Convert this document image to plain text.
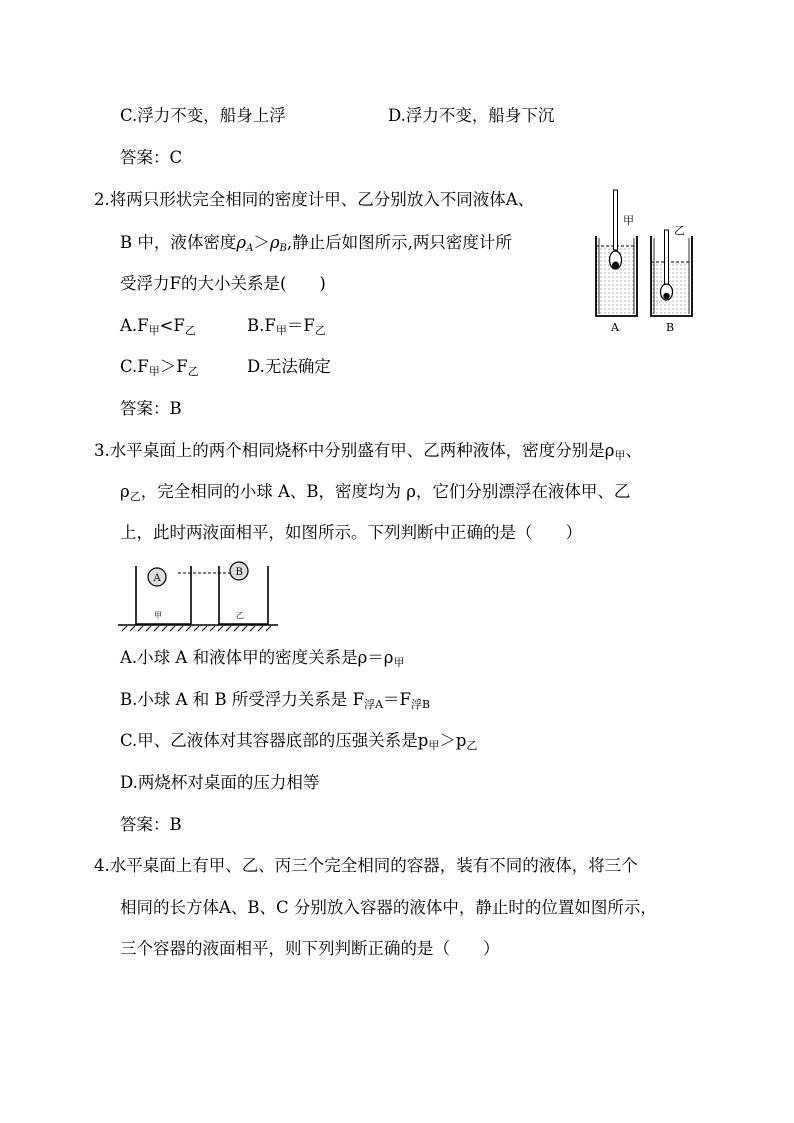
C.浮力不变，船身上浮	D.浮力不变，船身下沉
答案：C
2.将两只形状完全相同的密度计甲、乙分别放入不同液体A、
B 中，液体密度ρA＞ρB,静止后如图所示,两只密度计所
受浮力F的大小关系是(　　)
$A.F_甲<F_乙$	$B.F_甲=F_乙$
$C.F_甲>F_乙$	D.无法确定
答案：B
甲
乙
A	B
3.水平桌面上的两个相同烧杯中分别盛有甲、乙两种液体，密度分别是$\rho_甲$、
$\rho_乙$，完全相同的小球 A、B，密度均为 ρ，它们分别漂浮在液体甲、乙
上，此时两液面相平，如图所示。下列判断中正确的是（　　）
A
B
甲	乙
A.小球 A 和液体甲的密度关系是$\rho=\rho_甲$
B.小球 A 和 B 所受浮力关系是 $F_{浮A}=F_{浮B}$
C.甲、乙液体对其容器底部的压强关系是$p_甲>p_乙$
D.两烧杯对桌面的压力相等
答案：B
4.水平桌面上有甲、乙、丙三个完全相同的容器，装有不同的液体，将三个
相同的长方体A、B、C 分别放入容器的液体中，静止时的位置如图所示，
三个容器的液面相平，则下列判断正确的是（　　）
